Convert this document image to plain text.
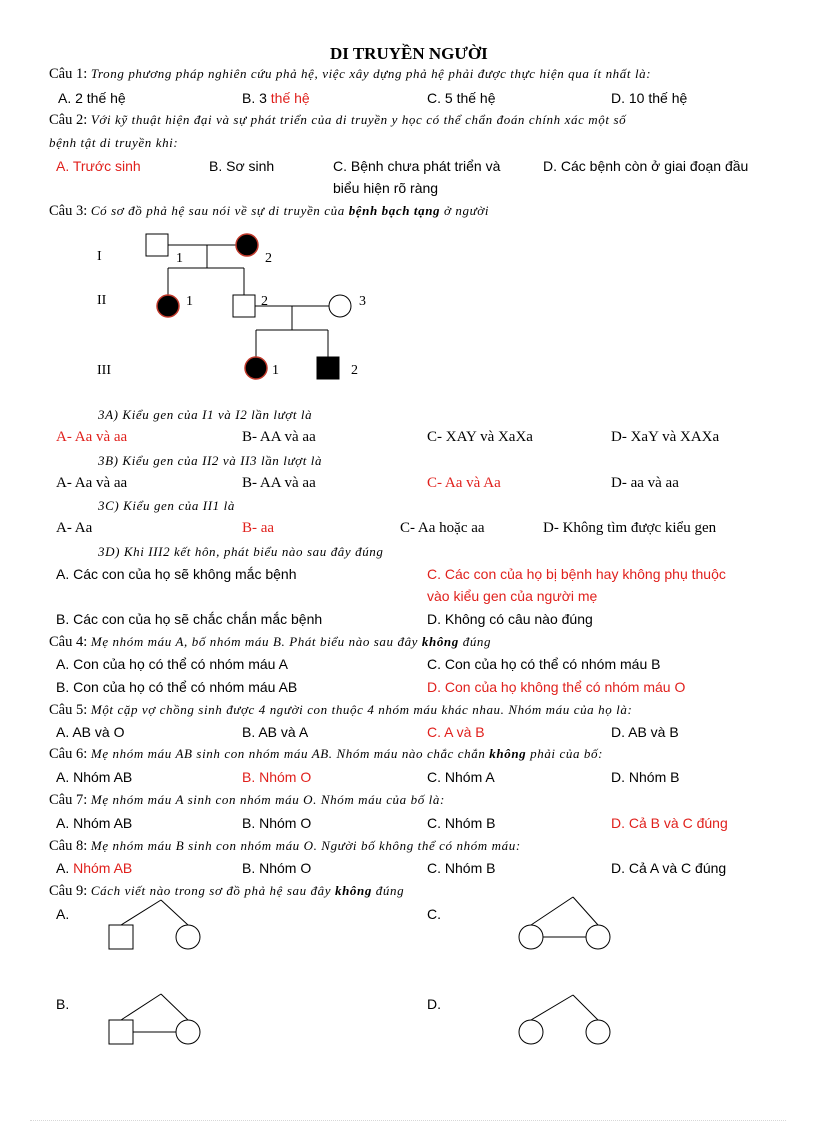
DI TRUYỀN NGƯỜI
Câu 1: Trong phương pháp nghiên cứu phả hệ, việc xây dựng phả hệ phải được thực hiện qua ít nhất là:
A. 2 thế hệ	B. 3 thế hệ	C. 5 thế hệ	D. 10 thế hệ
Câu 2: Với kỹ thuật hiện đại và sự phát triển của di truyền y học có thể chẩn đoán chính xác một số
bệnh tật di truyền khi:
A. Trước sinh	B. Sơ sinh	C. Bệnh chưa phát triển và
biểu hiện rõ ràng
D. Các bệnh còn ở giai đoạn đầu
Câu 3: Có sơ đồ phả hệ sau nói về sự di truyền của bệnh bạch tạng ở người
I
II
III
1	2
1	2	3
1	2
3A) Kiểu gen của I1 và I2 lần lượt là
A- Aa và aa	B- AA và aa	C- XAY và XaXa	D- XaY và XAXa
3B) Kiểu gen của II2 và II3 lần lượt là
A- Aa và aa	B- AA và aa	C- Aa và Aa	D- aa và aa
3C) Kiểu gen của II1 là
A- Aa	B- aa	C- Aa hoặc aa	D- Không tìm được kiểu gen
3D) Khi III2 kết hôn, phát biểu nào sau đây đúng
A. Các con của họ sẽ không mắc bệnh	C. Các con của họ bị bệnh hay không phụ thuộc
vào kiểu gen của người mẹ
B. Các con của họ sẽ chắc chắn mắc bệnh	D. Không có câu nào đúng
Câu 4: Mẹ nhóm máu A, bố nhóm máu B. Phát biểu nào sau đây không đúng
A. Con của họ có thể có nhóm máu A	C. Con của họ có thể có nhóm máu B
B. Con của họ có thể có nhóm máu AB	D. Con của họ không thể có nhóm máu O
Câu 5: Một cặp vợ chồng sinh được 4 người con thuộc 4 nhóm máu khác nhau. Nhóm máu của họ là:
A. AB và O	B. AB và A	C. A và B	D. AB và B
Câu 6: Mẹ nhóm máu AB sinh con nhóm máu AB. Nhóm máu nào chắc chắn không phải của bố:
A. Nhóm AB	B. Nhóm O	C. Nhóm A	D. Nhóm B
Câu 7: Mẹ nhóm máu A sinh con nhóm máu O. Nhóm máu của bố là:
A. Nhóm AB	B. Nhóm O	C. Nhóm B	D. Cả B và C đúng
Câu 8: Mẹ nhóm máu B sinh con nhóm máu O. Người bố không thể có nhóm máu:
A. Nhóm AB	B. Nhóm O	C. Nhóm B	D. Cả A và C đúng
Câu 9: Cách viết nào trong sơ đồ phả hệ sau đây không đúng
A.	C.
B.	D.
